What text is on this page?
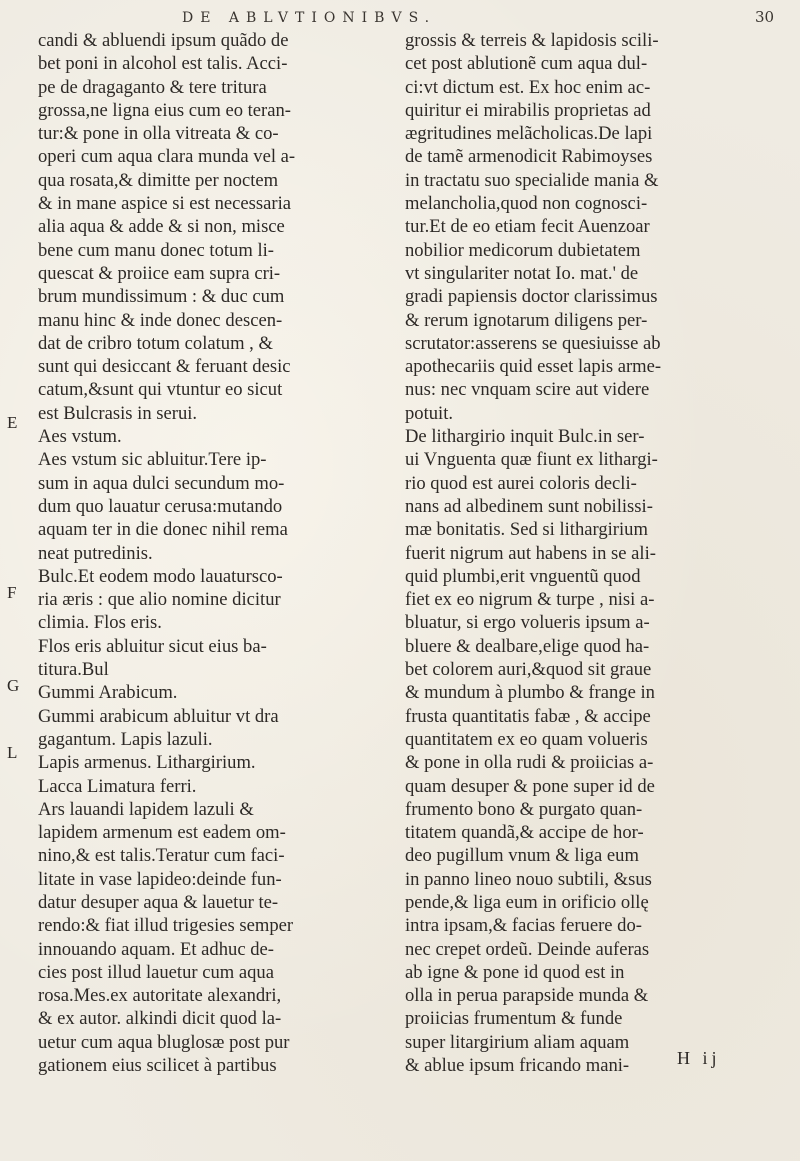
DE ABLVTIONIBVS.	30
E
F
G
L
candi & abluendi ipsum quãdo de
bet poni in alcohol est talis. Acci-
pe de dragaganto & tere tritura
grossa,ne ligna eius cum eo teran-
tur:& pone in olla vitreata & co-
operi cum aqua clara munda vel a-
qua rosata,& dimitte per noctem
& in mane aspice si est necessaria
alia aqua & adde & si non, misce
bene cum manu donec totum li-
quescat & proiice eam supra cri-
brum mundissimum : & duc cum
manu hinc & inde donec descen-
dat de cribro totum colatum , &
sunt qui desiccant & feruant desic
catum,&sunt qui vtuntur eo sicut
est Bulcrasis in serui.
Aes vstum.
Aes vstum sic abluitur.Tere ip-
sum in aqua dulci secundum mo-
dum quo lauatur cerusa:mutando
aquam ter in die donec nihil rema
neat putredinis.
Bulc.Et eodem modo lauatursco-
ria æris : que alio nomine dicitur
climia. Flos eris.
Flos eris abluitur sicut eius ba-
titura.Bul
Gummi Arabicum.
Gummi arabicum abluitur vt dra
gagantum. Lapis lazuli.
Lapis armenus. Lithargirium.
Lacca Limatura ferri.
Ars lauandi lapidem lazuli &
lapidem armenum est eadem om-
nino,& est talis.Teratur cum faci-
litate in vase lapideo:deinde fun-
datur desuper aqua & lauetur te-
rendo:& fiat illud trigesies semper
innouando aquam. Et adhuc de-
cies post illud lauetur cum aqua
rosa.Mes.ex autoritate alexandri,
& ex autor. alkindi dicit quod la-
uetur cum aqua bluglosæ post pur
gationem eius scilicet à partibus
grossis & terreis & lapidosis scili-
cet post ablutionẽ cum aqua dul-
ci:vt dictum est. Ex hoc enim ac-
quiritur ei mirabilis proprietas ad
ægritudines melãcholicas.De lapi
de tamẽ armenodicit Rabimoyses
in tractatu suo specialide mania &
melancholia,quod non cognosci-
tur.Et de eo etiam fecit Auenzoar
nobilior medicorum dubietatem
vt singulariter notat Io. mat.' de
gradi papiensis doctor clarissimus
& rerum ignotarum diligens per-
scrutator:asserens se quesiuisse ab
apothecariis quid esset lapis arme-
nus: nec vnquam scire aut videre
potuit.
De lithargirio inquit Bulc.in ser-
ui Vnguenta quæ fiunt ex lithargi-
rio quod est aurei coloris decli-
nans ad albedinem sunt nobilissi-
mæ bonitatis. Sed si lithargirium
fuerit nigrum aut habens in se ali-
quid plumbi,erit vnguentũ quod
fiet ex eo nigrum & turpe , nisi a-
bluatur, si ergo volueris ipsum a-
bluere & dealbare,elige quod ha-
bet colorem auri,&quod sit graue
& mundum à plumbo & frange in
frusta quantitatis fabæ , & accipe
quantitatem ex eo quam volueris
& pone in olla rudi & proiicias a-
quam desuper & pone super id de
frumento bono & purgato quan-
titatem quandã,& accipe de hor-
deo pugillum vnum & liga eum
in panno lineo nouo subtili, &sus
pende,& liga eum in orificio ollę
intra ipsam,& facias feruere do-
nec crepet ordeũ. Deinde auferas
ab igne & pone id quod est in
olla in perua parapside munda &
proiicias frumentum & funde
super litargirium aliam aquam
& ablue ipsum fricando mani-	H ij
